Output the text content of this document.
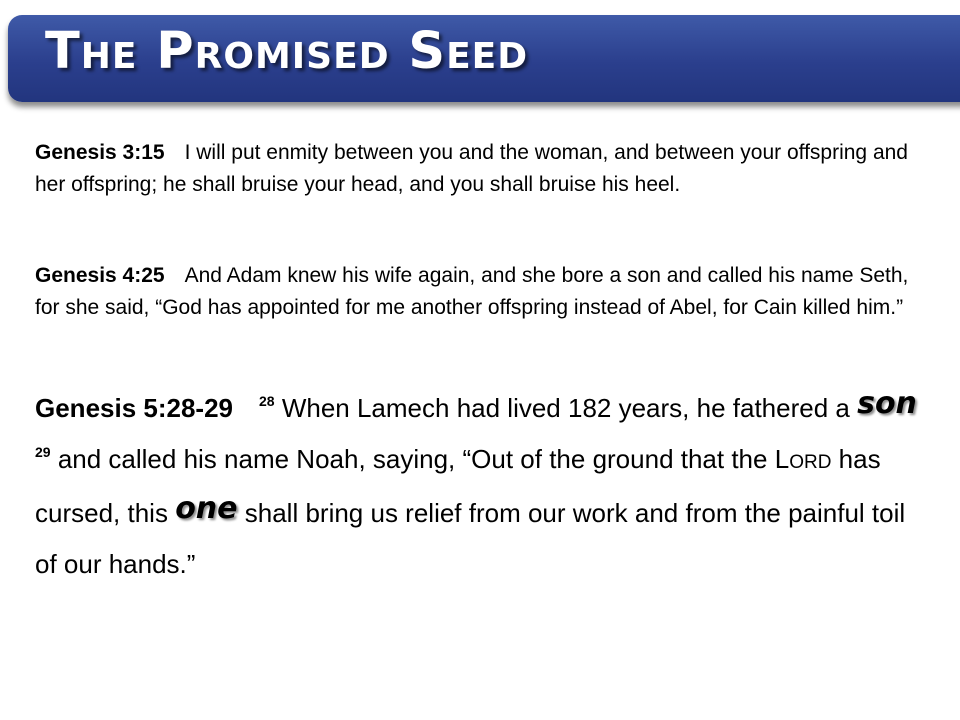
The Promised Seed

Genesis 3:15 I will put enmity between you and the woman, and between your offspring and her offspring; he shall bruise your head, and you shall bruise his heel.

Genesis 4:25 And Adam knew his wife again, and she bore a son and called his name Seth, for she said, “God has appointed for me another offspring instead of Abel, for Cain killed him.”

Genesis 5:28-29 $^{28}$ When Lamech had lived 182 years, he fathered a son $^{29}$ and called his name Noah, saying, “Out of the ground that the LORD has cursed, this one shall bring us relief from our work and from the painful toil of our hands.”
